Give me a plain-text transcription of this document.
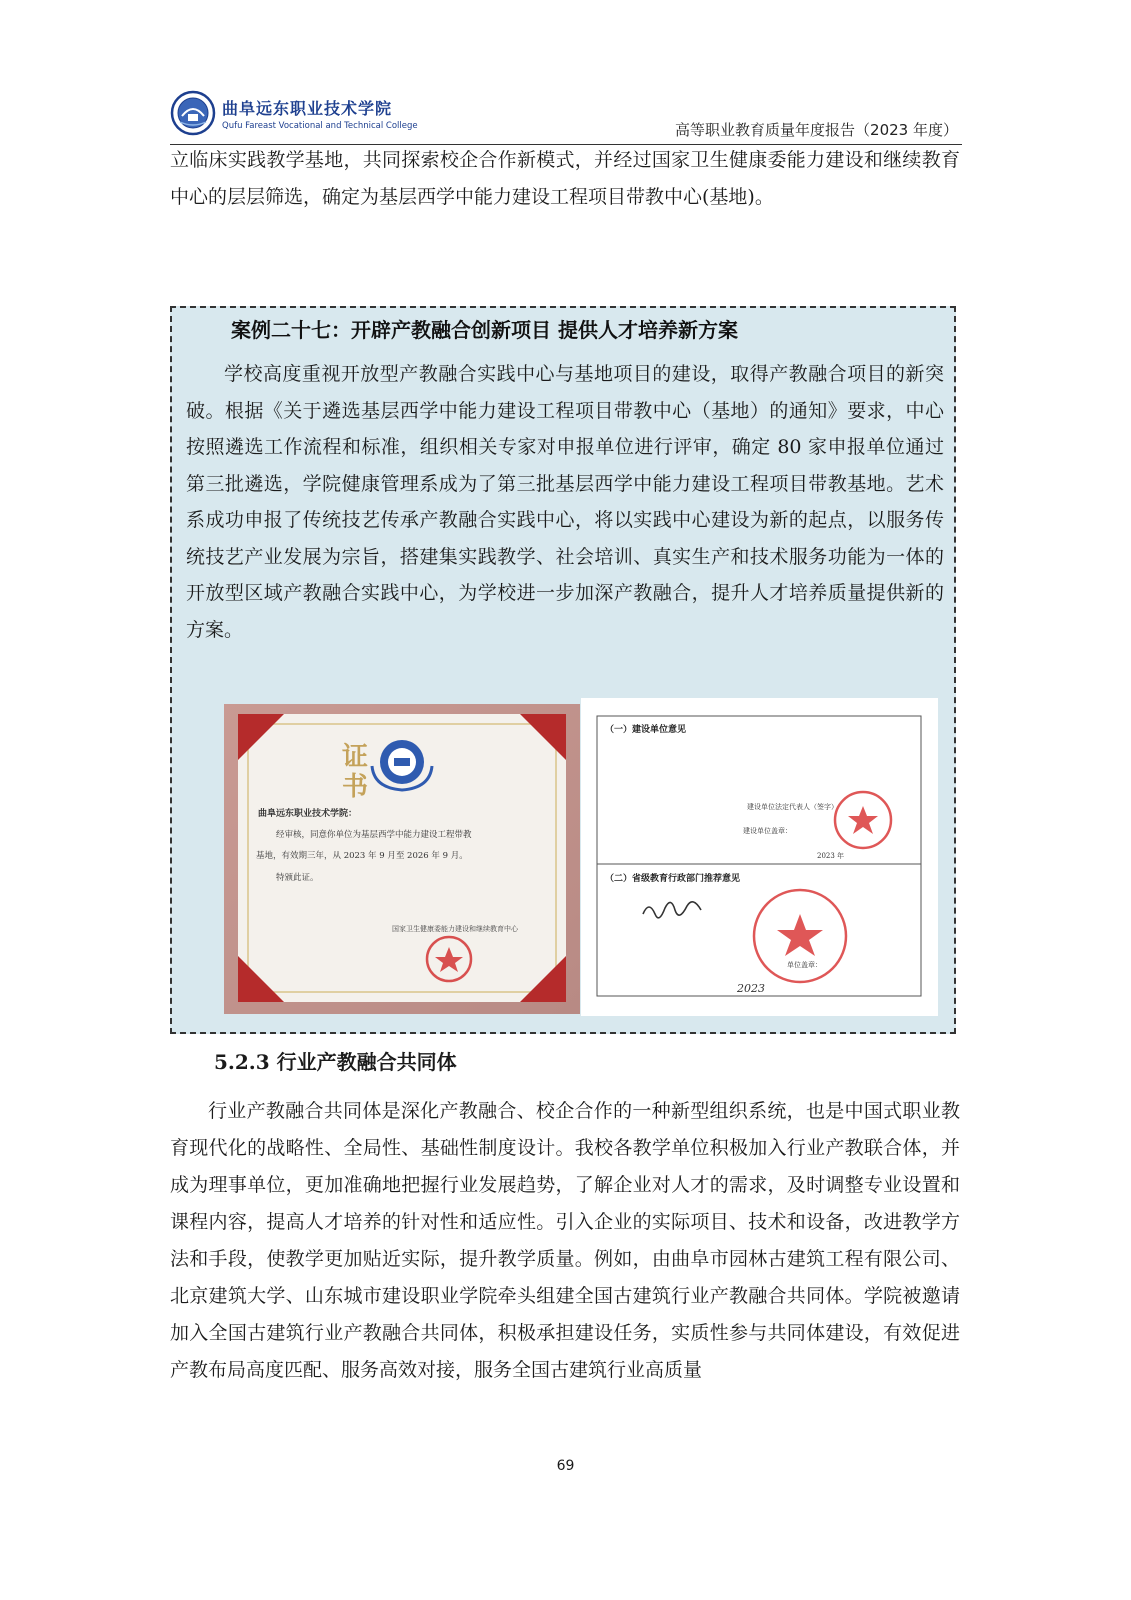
曲阜远东职业技术学院
Qufu Fareast Vocational and Technical College	高等职业教育质量年度报告（2023 年度）
立临床实践教学基地，共同探索校企合作新模式，并经过国家卫生健康委能力建设和继续教育中心的层层筛选，确定为基层西学中能力建设工程项目带教中心(基地)。
案例二十七：开辟产教融合创新项目 提供人才培养新方案
学校高度重视开放型产教融合实践中心与基地项目的建设，取得产教融合项目的新突破。根据《关于遴选基层西学中能力建设工程项目带教中心（基地）的通知》要求，中心按照遴选工作流程和标准，组织相关专家对申报单位进行评审，确定 80 家申报单位通过第三批遴选，学院健康管理系成为了第三批基层西学中能力建设工程项目带教基地。艺术系成功申报了传统技艺传承产教融合实践中心，将以实践中心建设为新的起点，以服务传统技艺产业发展为宗旨，搭建集实践教学、社会培训、真实生产和技术服务功能为一体的开放型区域产教融合实践中心，为学校进一步加深产教融合，提升人才培养质量提供新的方案。
证书
曲阜远东职业技术学院：
经审核，同意你单位为基层西学中能力建设工程带教
基地，有效期三年，从 2023 年 9 月至 2026 年 9 月。
特颁此证。
国家卫生健康委能力建设和继续教育中心
（一）建设单位意见
建设单位法定代表人（签字）
建设单位盖章：
2023 年
（二）省级教育行政部门推荐意见
单位盖章：
2023
5.2.3 行业产教融合共同体
行业产教融合共同体是深化产教融合、校企合作的一种新型组织系统，也是中国式职业教育现代化的战略性、全局性、基础性制度设计。我校各教学单位积极加入行业产教联合体，并成为理事单位，更加准确地把握行业发展趋势，了解企业对人才的需求，及时调整专业设置和课程内容，提高人才培养的针对性和适应性。引入企业的实际项目、技术和设备，改进教学方法和手段，使教学更加贴近实际，提升教学质量。例如，由曲阜市园林古建筑工程有限公司、北京建筑大学、山东城市建设职业学院牵头组建全国古建筑行业产教融合共同体。学院被邀请加入全国古建筑行业产教融合共同体，积极承担建设任务，实质性参与共同体建设，有效促进产教布局高度匹配、服务高效对接，服务全国古建筑行业高质量
69
